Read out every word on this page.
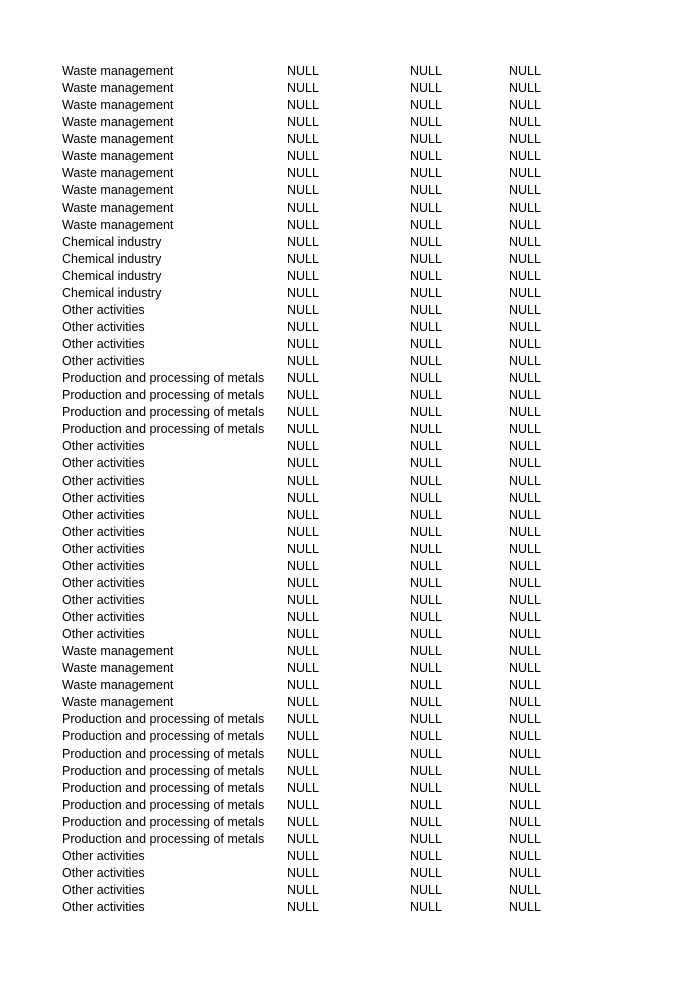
Waste management	NULL	NULL	NULL
Waste management	NULL	NULL	NULL
Waste management	NULL	NULL	NULL
Waste management	NULL	NULL	NULL
Waste management	NULL	NULL	NULL
Waste management	NULL	NULL	NULL
Waste management	NULL	NULL	NULL
Waste management	NULL	NULL	NULL
Waste management	NULL	NULL	NULL
Waste management	NULL	NULL	NULL
Chemical industry	NULL	NULL	NULL
Chemical industry	NULL	NULL	NULL
Chemical industry	NULL	NULL	NULL
Chemical industry	NULL	NULL	NULL
Other activities	NULL	NULL	NULL
Other activities	NULL	NULL	NULL
Other activities	NULL	NULL	NULL
Other activities	NULL	NULL	NULL
Production and processing of metals	NULL	NULL	NULL
Production and processing of metals	NULL	NULL	NULL
Production and processing of metals	NULL	NULL	NULL
Production and processing of metals	NULL	NULL	NULL
Other activities	NULL	NULL	NULL
Other activities	NULL	NULL	NULL
Other activities	NULL	NULL	NULL
Other activities	NULL	NULL	NULL
Other activities	NULL	NULL	NULL
Other activities	NULL	NULL	NULL
Other activities	NULL	NULL	NULL
Other activities	NULL	NULL	NULL
Other activities	NULL	NULL	NULL
Other activities	NULL	NULL	NULL
Other activities	NULL	NULL	NULL
Other activities	NULL	NULL	NULL
Waste management	NULL	NULL	NULL
Waste management	NULL	NULL	NULL
Waste management	NULL	NULL	NULL
Waste management	NULL	NULL	NULL
Production and processing of metals	NULL	NULL	NULL
Production and processing of metals	NULL	NULL	NULL
Production and processing of metals	NULL	NULL	NULL
Production and processing of metals	NULL	NULL	NULL
Production and processing of metals	NULL	NULL	NULL
Production and processing of metals	NULL	NULL	NULL
Production and processing of metals	NULL	NULL	NULL
Production and processing of metals	NULL	NULL	NULL
Other activities	NULL	NULL	NULL
Other activities	NULL	NULL	NULL
Other activities	NULL	NULL	NULL
Other activities	NULL	NULL	NULL
